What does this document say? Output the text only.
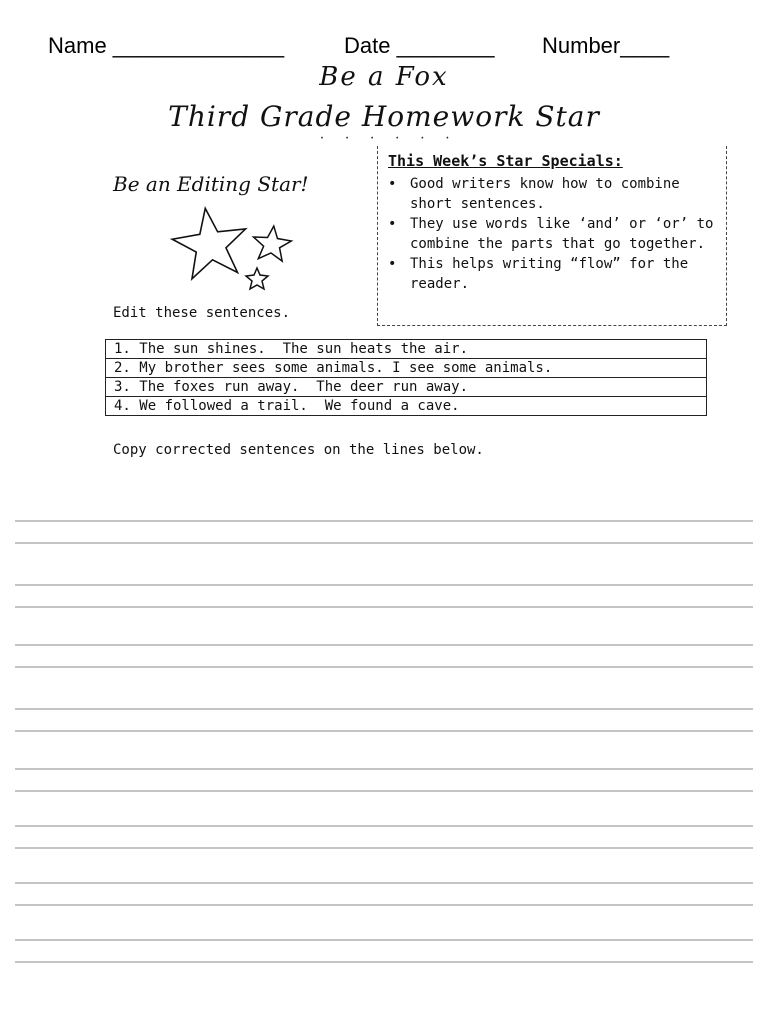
Name ______________	Date ________ Number____
Be a Fox
Third Grade Homework Star
˙ ˙ ˙ ˙ ˙ ˙
Be an Editing Star!
Edit these sentences.
This Week’s Star Specials:
• Good writers know how to combine short sentences.
• They use words like ‘and’ or ‘or’ to combine the parts that go together.
• This helps writing “flow” for the reader.
1. The sun shines.  The sun heats the air.
2. My brother sees some animals. I see some animals.
3. The foxes run away.  The deer run away.
4. We followed a trail.  We found a cave.
Copy corrected sentences on the lines below.
